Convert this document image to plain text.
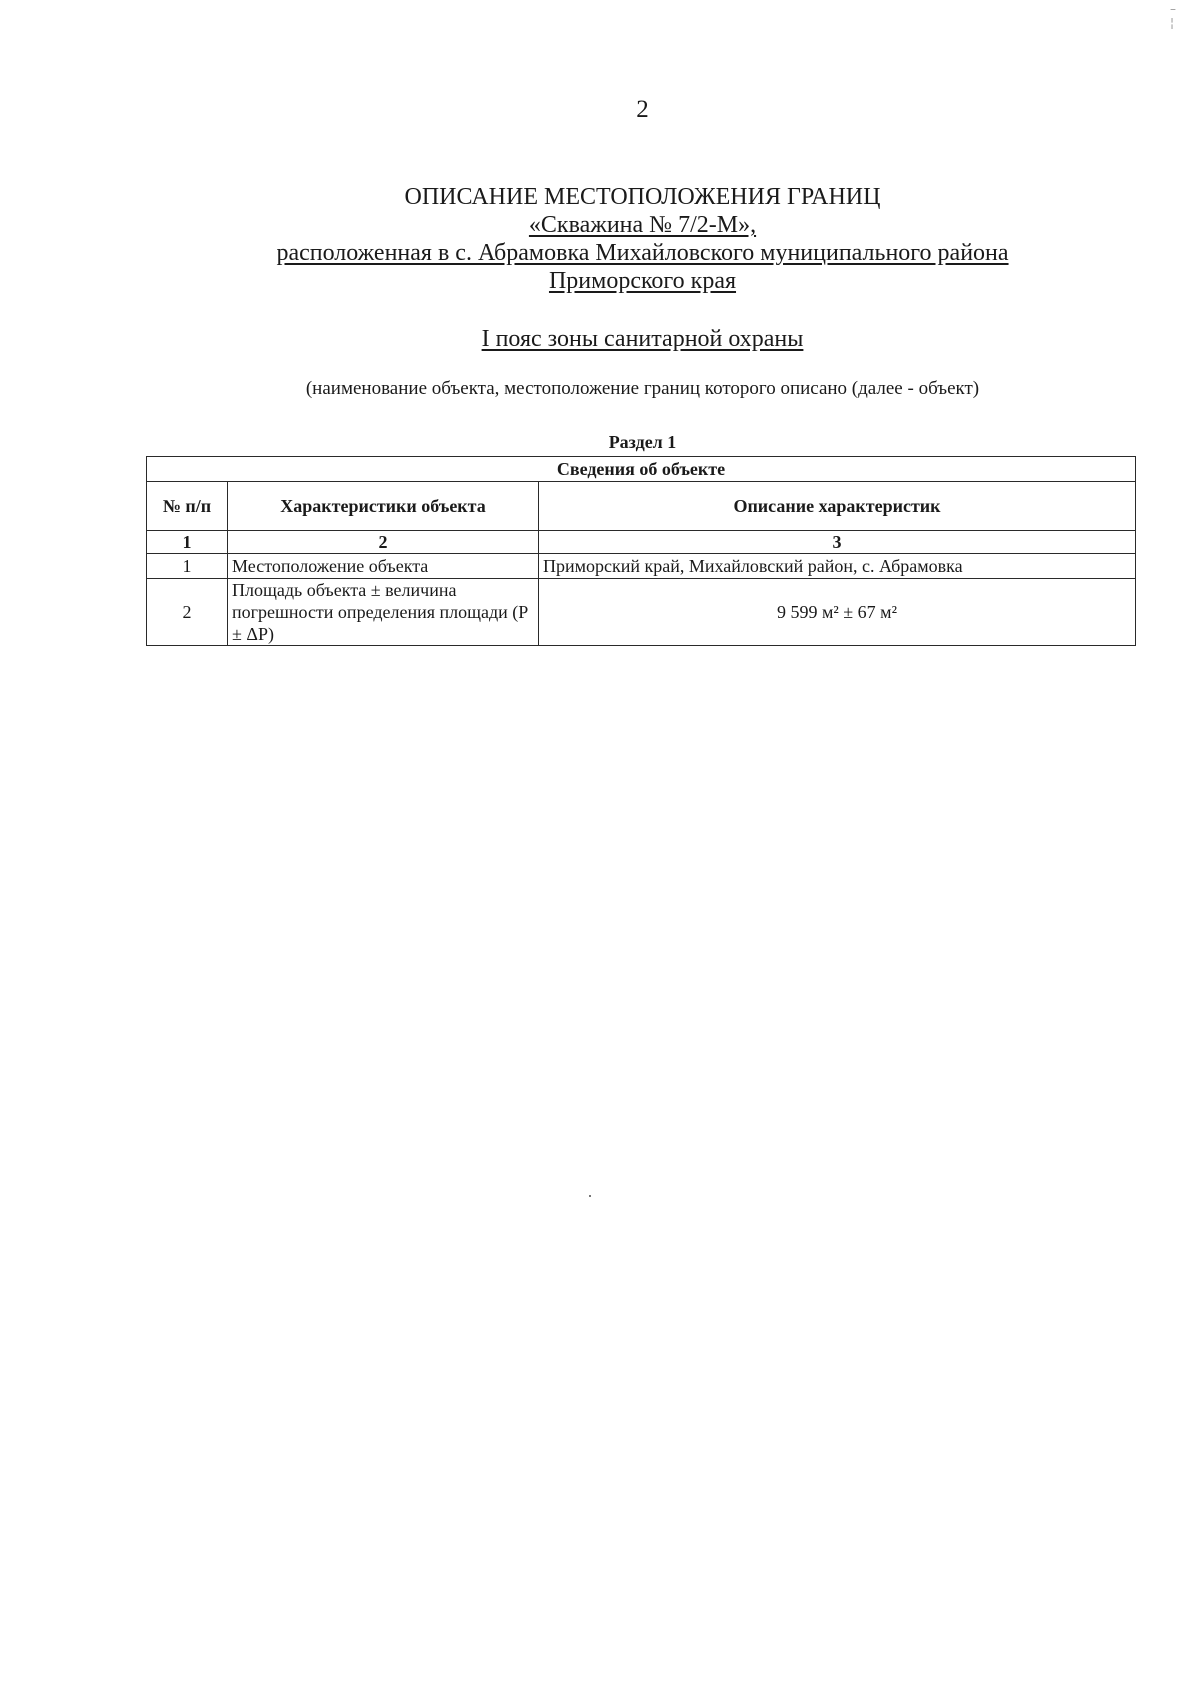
–
¦
2
ОПИСАНИЕ МЕСТОПОЛОЖЕНИЯ ГРАНИЦ
«Скважина № 7/2-М»,
расположенная в с. Абрамовка Михайловского муниципального района
Приморского края
I пояс зоны санитарной охраны
(наименование объекта, местоположение границ которого описано (далее - объект)
Раздел 1
Сведения об объекте		
№ п/п	Характеристики объекта	Описание характеристик
1	2	3
1	Местоположение объекта	Приморский край, Михайловский район, с. Абрамовка
2	Площадь объекта ± величина погрешности определения площади (P ± ΔP)	9 599 м² ± 67 м²
